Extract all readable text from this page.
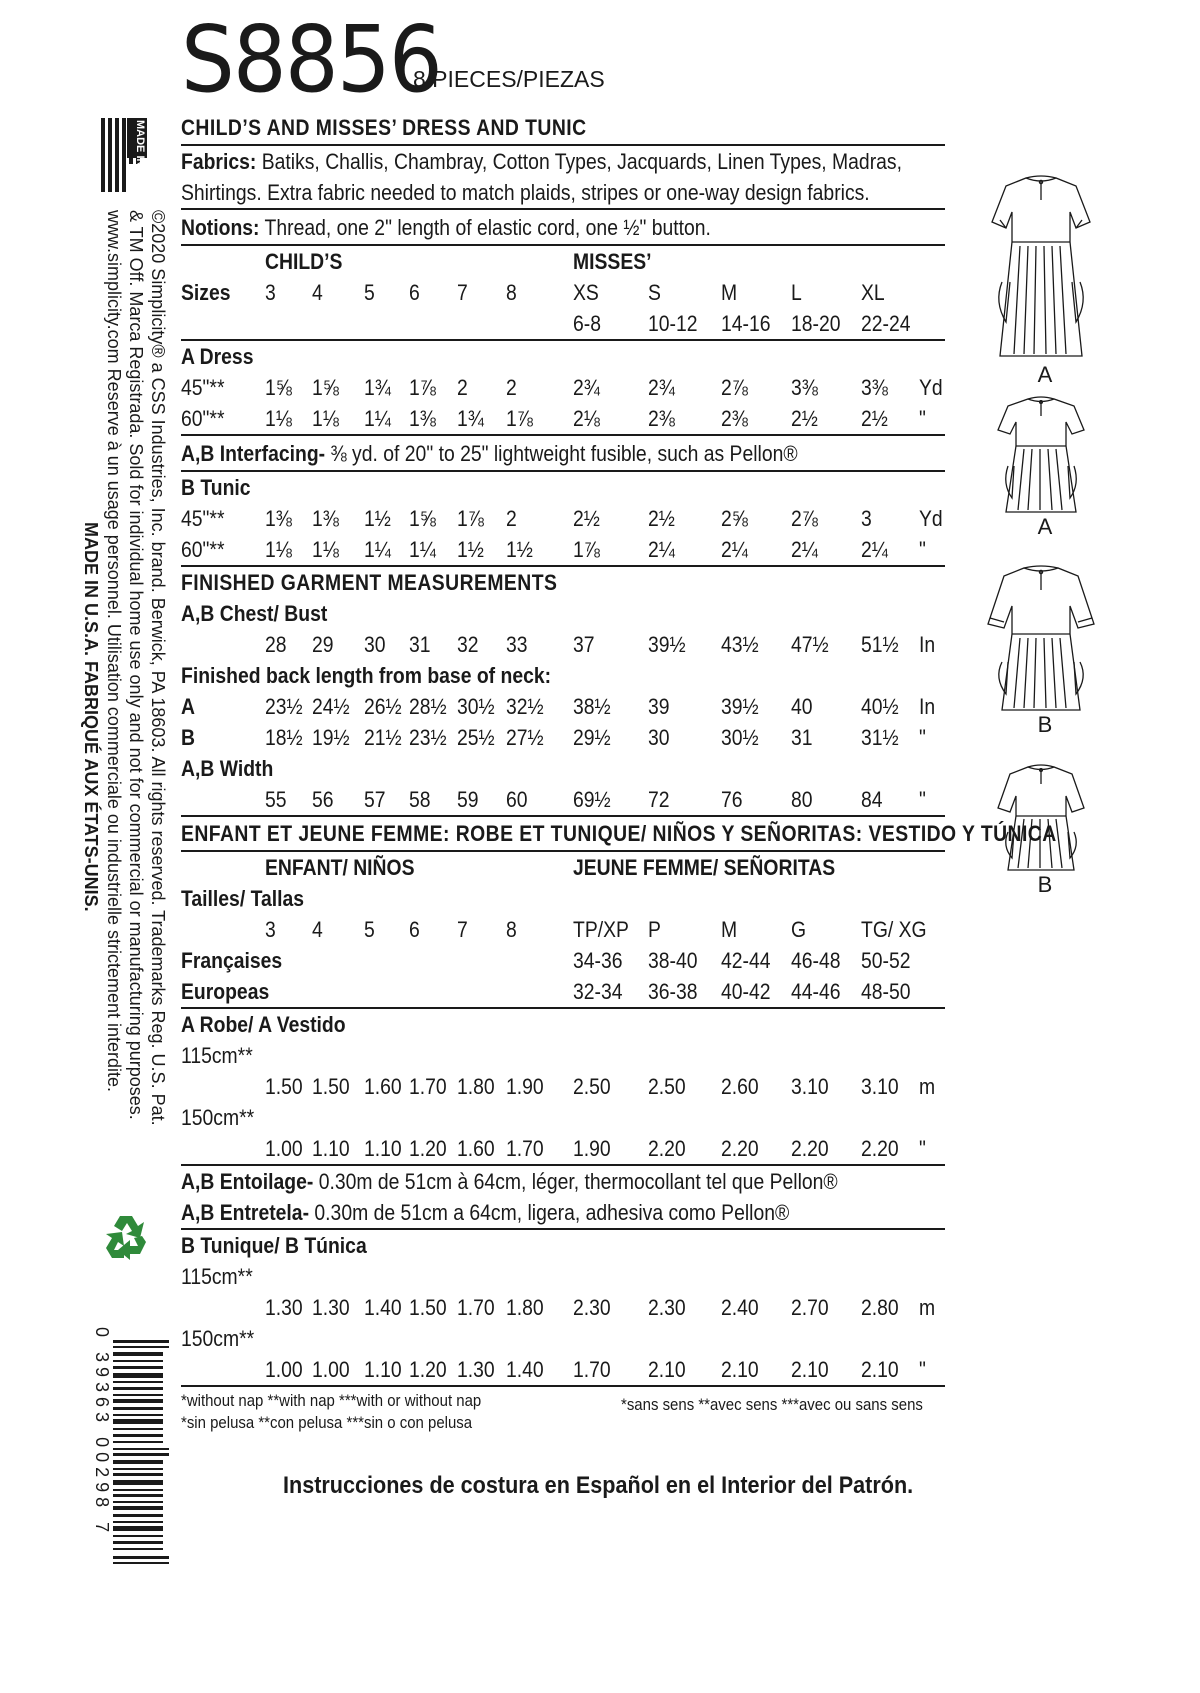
MADE IN USA
©2020 Simplicity® a CSS Industries, Inc. brand. Berwick, PA 18603. All rights reserved. Trademarks Reg. U.S. Pat.
& TM Off. Marca Registrada. Sold for individual home use only and not for commercial or manufacturing purposes.
www.simplicity.com Reserve à un usage personnel. Utilisation commerciale ou industrielle strictement interdite.
MADE IN U.S.A. FABRIQUÉ AUX ÉTATS-UNIS.
0 39363 00298 7
S8856
8 PIECES/PIEZAS
CHILD’S AND MISSES’ DRESS AND TUNIC
Fabrics: Batiks, Challis, Chambray, Cotton Types, Jacquards, Linen Types, Madras,
Shirtings. Extra fabric needed to match plaids, stripes or one-way design fabrics.
Notions: Thread, one 2" length of elastic cord, one ½" button.
CHILD’S	MISSES’
Sizes 3 4 5 6 7 8	XS S	M L	XL
6-8 10-12 14-16 18-20 22-24
A Dress
45"** 1⅝ 1⅝ 1¾ 1⅞ 2 2	2¾ 2¾ 2⅞ 3⅜ 3⅜ Yd
60"** 1⅛ 1⅛ 1¼ 1⅜ 1¾ 1⅞ 2⅛ 2⅜ 2⅜ 2½ 2½ "
A,B Interfacing- ⅜ yd. of 20" to 25" lightweight fusible, such as Pellon®
B Tunic
45"** 1⅜ 1⅜ 1½ 1⅝ 1⅞ 2	2½ 2½ 2⅝ 2⅞ 3 Yd
60"** 1⅛ 1⅛ 1¼ 1¼ 1½ 1½ 1⅞ 2¼ 2¼ 2¼ 2¼ "
FINISHED GARMENT MEASUREMENTS
A,B Chest/ Bust
28 29 30 31 32 33 37 39½ 43½ 47½ 51½ In
Finished back length from base of neck:
A	23½ 24½ 26½ 28½ 30½ 32½ 38½ 39 39½ 40 40½ In
B	18½ 19½ 21½ 23½ 25½ 27½ 29½ 30 30½ 31 31½ "
A,B Width
55 56 57 58 59 60 69½ 72 76 80 84 "
ENFANT ET JEUNE FEMME: ROBE ET TUNIQUE/ NIÑOS Y SEÑORITAS: VESTIDO Y TÚNICA
ENFANT/ NIÑOS	JEUNE FEMME/ SEÑORITAS
Tailles/ Tallas
3 4 5 6 7 8	TP/XP P	M G TG/ XG
Françaises	34-36 38-40 42-44 46-48 50-52
Europeas	32-34 36-38 40-42 44-46 48-50
A Robe/ A Vestido
115cm**
1.50 1.50 1.60 1.70 1.80 1.90 2.50 2.50 2.60 3.10 3.10 m
150cm**
1.00 1.10 1.10 1.20 1.60 1.70 1.90 2.20 2.20 2.20 2.20 "
A,B Entoilage- 0.30m de 51cm à 64cm, léger, thermocollant tel que Pellon®
A,B Entretela- 0.30m de 51cm a 64cm, ligera, adhesiva como Pellon®
B Tunique/ B Túnica
115cm**
1.30 1.30 1.40 1.50 1.70 1.80 2.30 2.30 2.40 2.70 2.80 m
150cm**
1.00 1.00 1.10 1.20 1.30 1.40 1.70 2.10 2.10 2.10 2.10 "
*without nap **with nap ***with or without nap
*sin pelusa **con pelusa ***sin o con pelusa
*sans sens **avec sens ***avec ou sans sens
Instrucciones de costura en Español en el Interior del Patrón.
A
A
B
B
